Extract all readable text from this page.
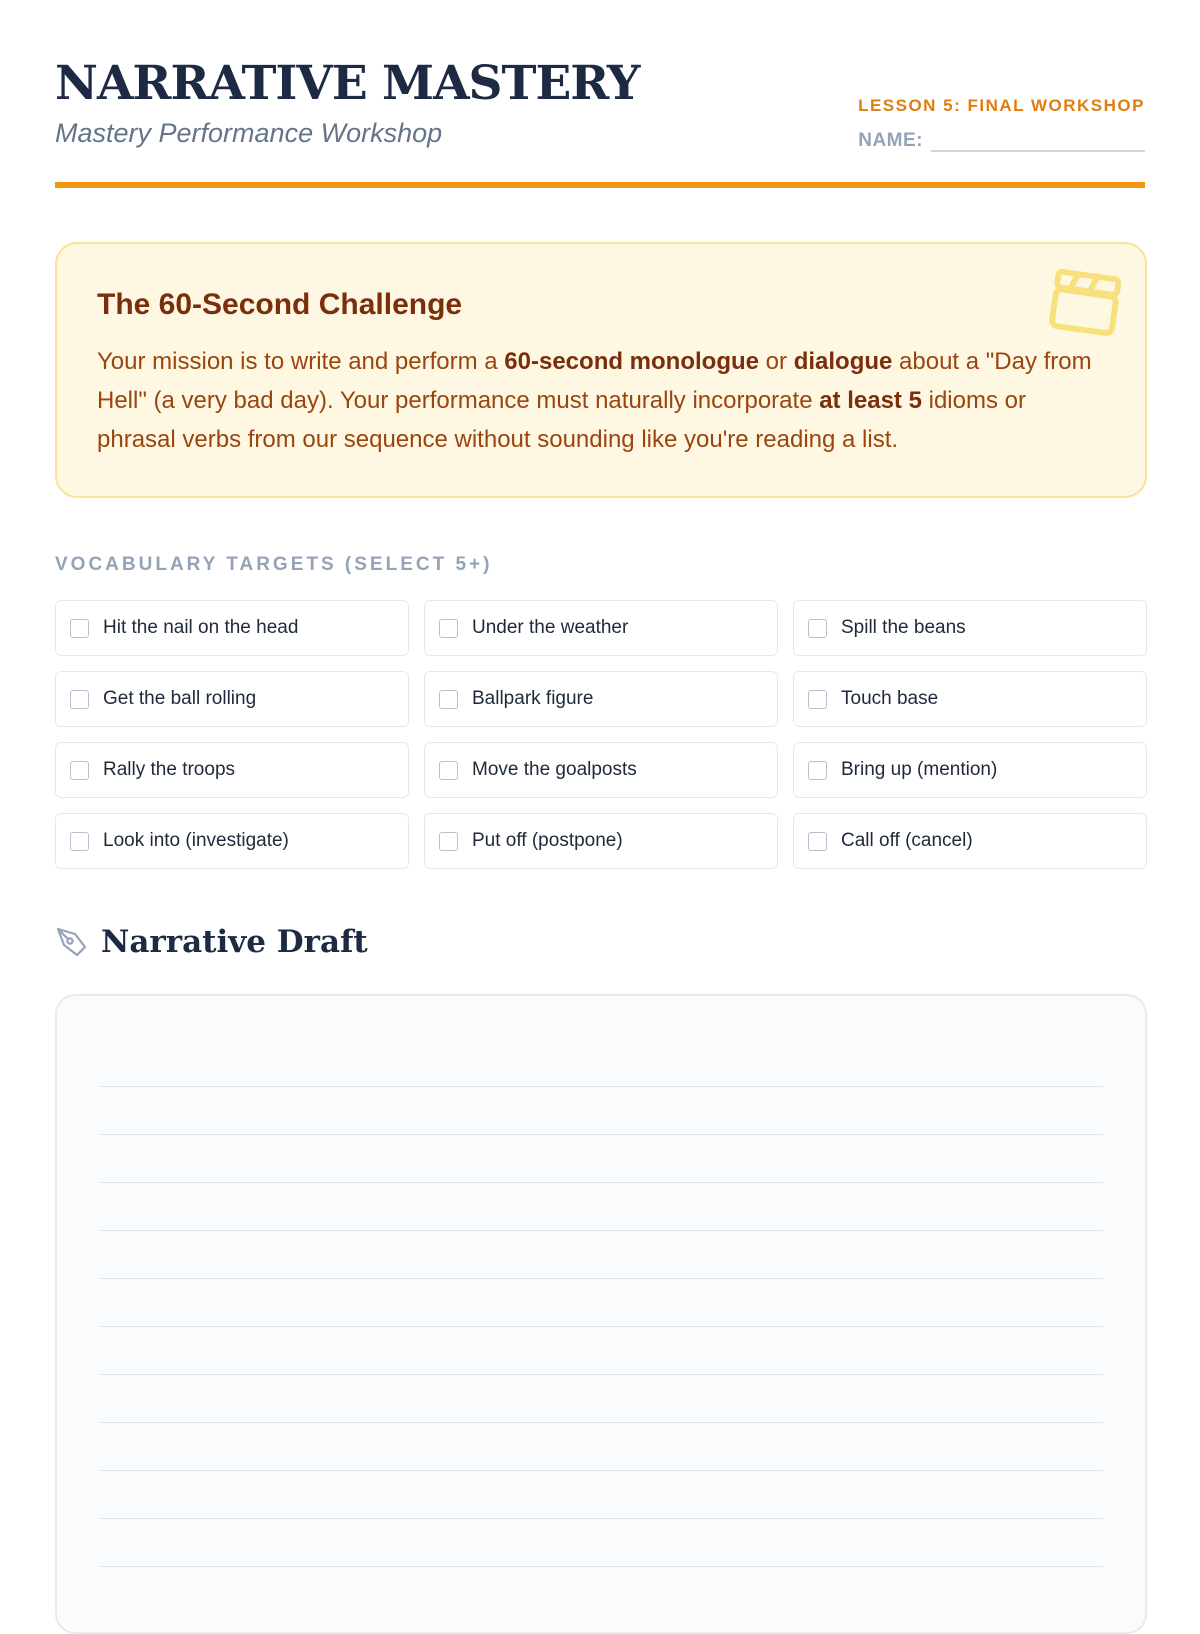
NARRATIVE MASTERY
Mastery Performance Workshop
LESSON 5: FINAL WORKSHOP
NAME:
The 60-Second Challenge

Your mission is to write and perform a 60-second monologue or dialogue about a "Day from Hell" (a very bad day). Your performance must naturally incorporate at least 5 idioms or phrasal verbs from our sequence without sounding like you're reading a list.

VOCABULARY TARGETS (SELECT 5+)
Hit the nail on the head	Under the weather	Spill the beans
Get the ball rolling	Ballpark figure	Touch base
Rally the troops	Move the goalposts	Bring up (mention)
Look into (investigate)	Put off (postpone)	Call off (cancel)
Narrative Draft
